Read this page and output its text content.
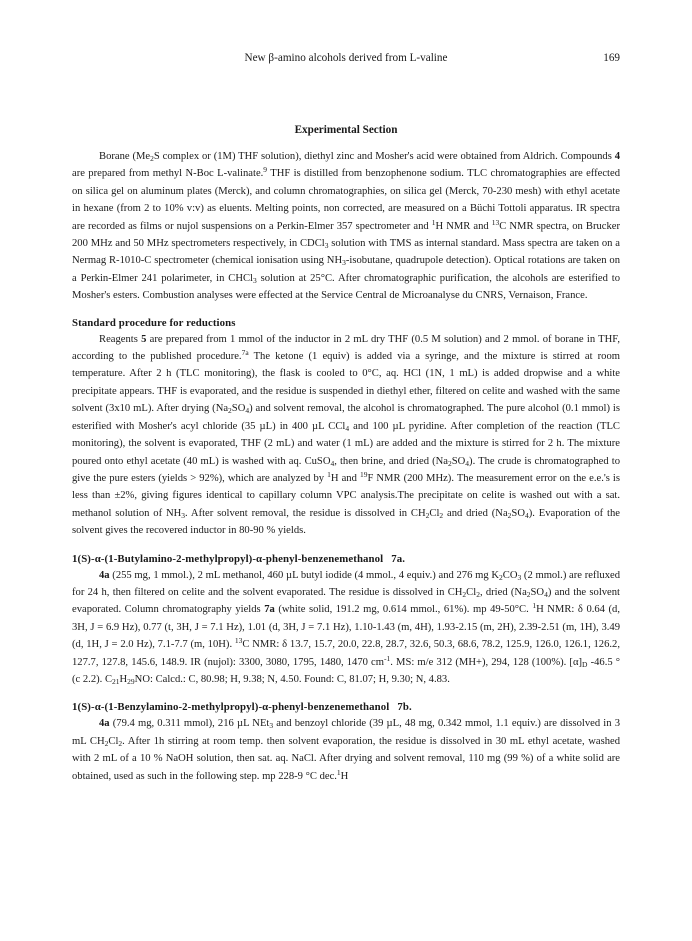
New β-amino alcohols derived from L-valine	169
Experimental Section

Borane ($Me_2S$ complex or (1M) THF solution), diethyl zinc and Mosher's acid were obtained from Aldrich. Compounds 4 are prepared from methyl N-Boc L-valinate.$^9$ THF is distilled from benzophenone sodium. TLC chromatographies are effected on silica gel on aluminum plates (Merck), and column chromatographies, on silica gel (Merck, 70-230 mesh) with ethyl acetate in hexane (from 2 to 10% v:v) as eluents. Melting points, non corrected, are measured on a Büchi Tottoli apparatus. IR spectra are recorded as films or nujol suspensions on a Perkin-Elmer 357 spectrometer and $^1$H NMR and $^{13}$C NMR spectra, on Brucker 200 MHz and 50 MHz spectrometers respectively, in CDCl$_3$ solution with TMS as internal standard. Mass spectra are taken on a Nermag R-1010-C spectrometer (chemical ionisation using $NH_3$-isobutane, quadrupole detection). Optical rotations are taken on a Perkin-Elmer 241 polarimeter, in CHCl$_3$ solution at 25°C. After chromatographic purification, the alcohols are esterified to Mosher's esters. Combustion analyses were effected at the Service Central de Microanalyse du CNRS, Vernaison, France.

Standard procedure for reductions

Reagents 5 are prepared from 1 mmol of the inductor in 2 mL dry THF (0.5 M solution) and 2 mmol. of borane in THF, according to the published procedure.$^{7a}$ The ketone (1 equiv) is added via a syringe, and the mixture is stirred at room temperature. After 2 h (TLC monitoring), the flask is cooled to 0°C, aq. HCl (1N, 1 mL) is added dropwise and a white precipitate appears. THF is evaporated, and the residue is suspended in diethyl ether, filtered on celite and washed with the same solvent (3x10 mL). After drying $(Na_2SO_4)$ and solvent removal, the alcohol is chromatographed. The pure alcohol (0.1 mmol) is esterified with Mosher's acyl chloride (35 µL) in 400 µL CCl$_4$ and 100 µL pyridine. After completion of the reaction (TLC monitoring), the solvent is evaporated, THF (2 mL) and water (1 mL) are added and the mixture is stirred for 2 h. The mixture poured onto ethyl acetate (40 mL) is washed with aq. CuSO$_4$, then brine, and dried $(Na_2SO_4)$. The crude is chromatographed to give the pure esters (yields > 92%), which are analyzed by $^1$H and $^{19}$F NMR (200 MHz). The measurement error on the e.e.'s is less than ±2%, giving figures identical to capillary column VPC analysis.The precipitate on celite is washed out with a sat. methanol solution of $NH_3$. After solvent removal, the residue is dissolved in $CH_2Cl_2$ and dried $(Na_2SO_4)$. Evaporation of the solvent gives the recovered inductor in 80-90 % yields.

1(S)-α-(1-Butylamino-2-methylpropyl)-α-phenyl-benzenemethanol 7a.

4a (255 mg, 1 mmol.), 2 mL methanol, 460 µL butyl iodide (4 mmol., 4 equiv.) and 276 mg $K_2CO_3$ (2 mmol.) are refluxed for 24 h, then filtered on celite and the solvent evaporated. The residue is dissolved in $CH_2Cl_2$, dried $(Na_2SO_4)$ and the solvent evaporated. Column chromatography yields 7a (white solid, 191.2 mg, 0.614 mmol., 61%). mp 49-50°C. $^1$H NMR: δ 0.64 (d, 3H, J = 6.9 Hz), 0.77 (t, 3H, J = 7.1 Hz), 1.01 (d, 3H, J = 7.1 Hz), 1.10-1.43 (m, 4H), 1.93-2.15 (m, 2H), 2.39-2.51 (m, 1H), 3.49 (d, 1H, J = 2.0 Hz), 7.1-7.7 (m, 10H). $^{13}$C NMR: δ 13.7, 15.7, 20.0, 22.8, 28.7, 32.6, 50.3, 68.6, 78.2, 125.9, 126.0, 126.1, 126.2, 127.7, 127.8, 145.6, 148.9. IR (nujol): 3300, 3080, 1795, 1480, 1470 $cm^{-1}$. MS: m/e 312 (MH+), 294, 128 (100%). $[\alpha]_D$ -46.5 ° (c 2.2). $C_{21}H_{29}NO$: Calcd.: C, 80.98; H, 9.38; N, 4.50. Found: C, 81.07; H, 9.30; N, 4.83.

1(S)-α-(1-Benzylamino-2-methylpropyl)-α-phenyl-benzenemethanol 7b.

4a (79.4 mg, 0.311 mmol), 216 µL NEt$_3$ and benzoyl chloride (39 µL, 48 mg, 0.342 mmol, 1.1 equiv.) are dissolved in 3 mL $CH_2Cl_2$. After 1h stirring at room temp. then solvent evaporation, the residue is dissolved in 30 mL ethyl acetate, washed with 2 mL of a 10 % NaOH solution, then sat. aq. NaCl. After drying and solvent removal, 110 mg (99 %) of a white solid are obtained, used as such in the following step. mp 228-9 °C dec.$^1$H
